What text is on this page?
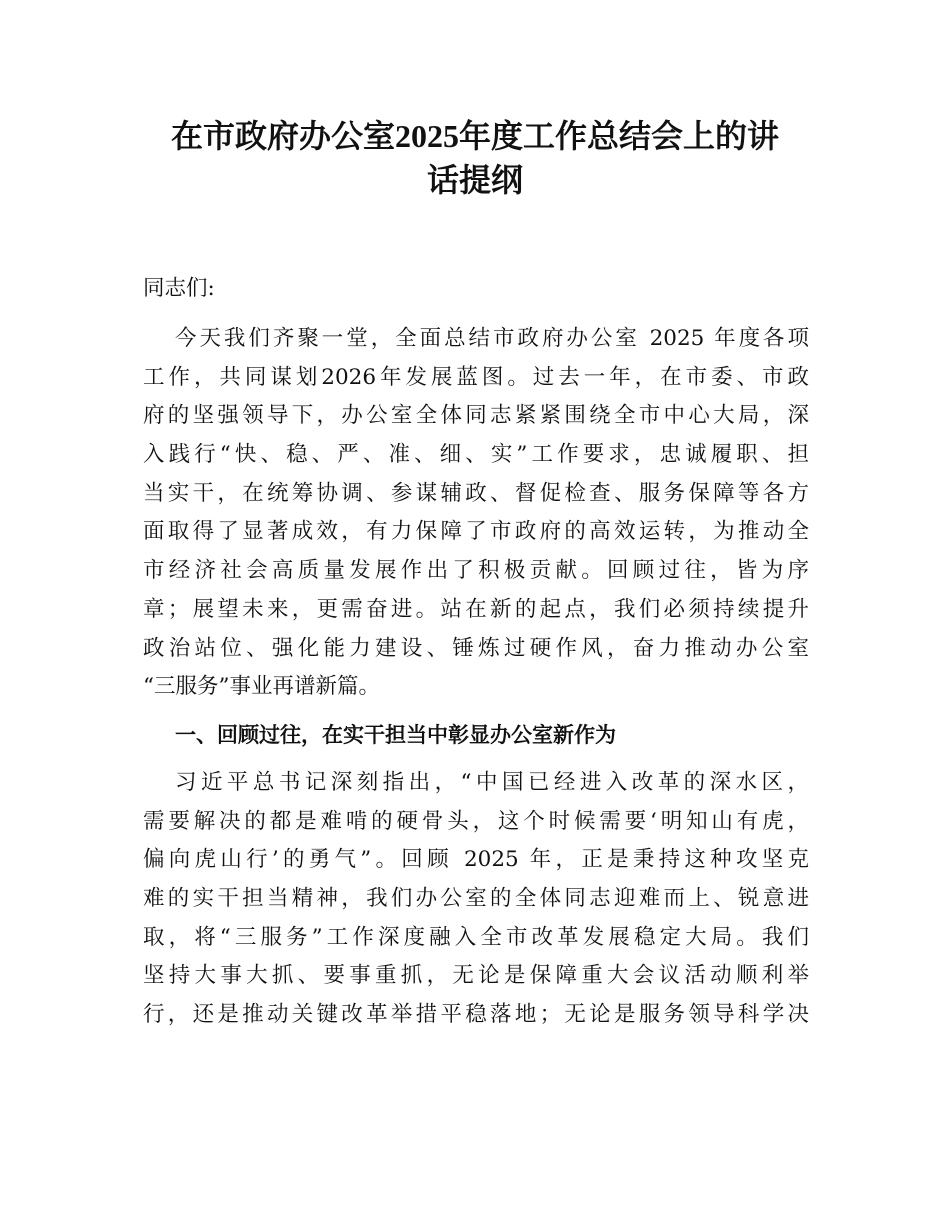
在市政府办公室2025年度工作总结会上的讲
话提纲
同志们:
今天我们齐聚一堂，全面总结市政府办公室 2025 年度各项
工作，共同谋划2026年发展蓝图。过去一年，在市委、市政
府的坚强领导下，办公室全体同志紧紧围绕全市中心大局，深
入践行“快、稳、严、准、细、实”工作要求，忠诚履职、担
当实干，在统筹协调、参谋辅政、督促检查、服务保障等各方
面取得了显著成效，有力保障了市政府的高效运转，为推动全
市经济社会高质量发展作出了积极贡献。回顾过往，皆为序
章；展望未来，更需奋进。站在新的起点，我们必须持续提升
政治站位、强化能力建设、锤炼过硬作风，奋力推动办公室
“三服务”事业再谱新篇。
一、回顾过往，在实干担当中彰显办公室新作为
习近平总书记深刻指出，“中国已经进入改革的深水区，
需要解决的都是难啃的硬骨头，这个时候需要‘明知山有虎，
偏向虎山行’的勇气”。回顾 2025 年，正是秉持这种攻坚克
难的实干担当精神，我们办公室的全体同志迎难而上、锐意进
取，将“三服务”工作深度融入全市改革发展稳定大局。我们
坚持大事大抓、要事重抓，无论是保障重大会议活动顺利举
行，还是推动关键改革举措平稳落地；无论是服务领导科学决
